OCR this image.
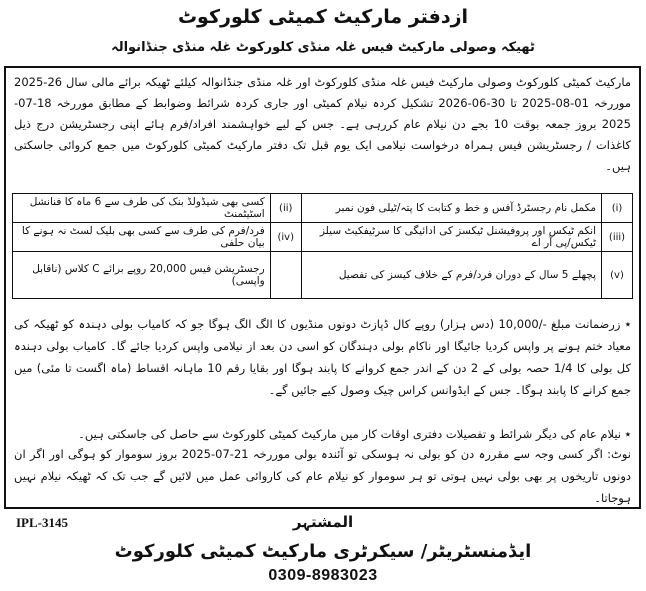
ازدفتر مارکیٹ کمیٹی کلورکوٹ
ٹھیکہ وصولی مارکیٹ فیس غلہ منڈی کلورکوٹ غلہ منڈی جنڈانوالہ

مارکیٹ کمیٹی کلورکوٹ وصولی مارکیٹ فیس غلہ منڈی کلورکوٹ اور غلہ منڈی جنڈانوالہ کیلئے ٹھیکہ برائے مالی سال 26-2025 موررخہ 01-08-2025 تا 30-06-2026 تشکیل کردہ نیلام کمیٹی اور جاری کردہ شرائط وضوابط کے مطابق موررخہ 18-07-2025 بروز جمعہ بوقت 10 بجے دن نیلام عام کررہی ہے۔ جس کے لیے خواہشمند افراد/فرم ہائے اپنی رجسٹریشن درج ذیل کاغذات / رجسٹریشن فیس ہمراہ درخواست نیلامی ایک یوم قبل تک دفتر مارکیٹ کمیٹی کلورکوٹ میں جمع کروائی جاسکتی ہیں۔

(i)	مکمل نام رجسٹرڈ آفس و خط و کتابت کا پتہ/ٹیلی فون نمبر	(ii)	کسی بھی شیڈولڈ بنک کی طرف سے 6 ماہ کا فنانشل اسٹیٹمنٹ
(iii)	انکم ٹیکس اور پروفیشنل ٹیکسز کی ادائیگی کا سرٹیفکیٹ سیلز ٹیکس/پی آر اے	(iv)	فرد/فرم کی طرف سے کسی بھی بلیک لسٹ نہ ہونے کا بیان حلفی
(v)	پچھلے 5 سال کے دوران فرد/فرم کے خلاف کیسز کی تفصیل		رجسٹریشن فیس 20,000 روپے برائے C کلاس (ناقابل واپسی)

٭ زرضمانت مبلغ -/10,000 (دس ہزار) روپے کال ڈپازٹ دونوں منڈیوں کا الگ الگ ہوگا جو کہ کامیاب بولی دہندہ کو ٹھیکہ کی معیاد ختم ہونے پر واپس کردیا جائیگا اور ناکام بولی دہندگان کو اسی دن بعد از نیلامی واپس کردیا جائے گا۔ کامیاب بولی دہندہ کل بولی کا 1/4 حصہ بولی کے 2 دن کے اندر جمع کروانے کا پابند ہوگا اور بقایا رقم 10 ماہانہ اقساط (ماہ اگست تا مئی) میں جمع کرانے کا پابند ہوگا۔ جس کے ایڈوانس کراس چیک وصول کیے جائیں گے۔

٭ نیلام عام کی دیگر شرائط و تفصیلات دفتری اوقات کار میں مارکیٹ کمیٹی کلورکوٹ سے حاصل کی جاسکتی ہیں۔

نوٹ: اگر کسی وجہ سے مقررہ دن کو بولی نہ ہوسکی تو آئندہ بولی موررخہ 21-07-2025 بروز سوموار کو ہوگی اور اگر ان دونوں تاریخوں پر بھی بولی نہیں ہوتی تو ہر سوموار کو نیلام عام کی کاروائی عمل میں لائیں گے جب تک کہ ٹھیکہ نیلام نہیں ہوجاتا۔

IPL-3145	المشتہر
ایڈمنسٹریٹر/ سیکرٹری مارکیٹ کمیٹی کلورکوٹ
0309-8983023
